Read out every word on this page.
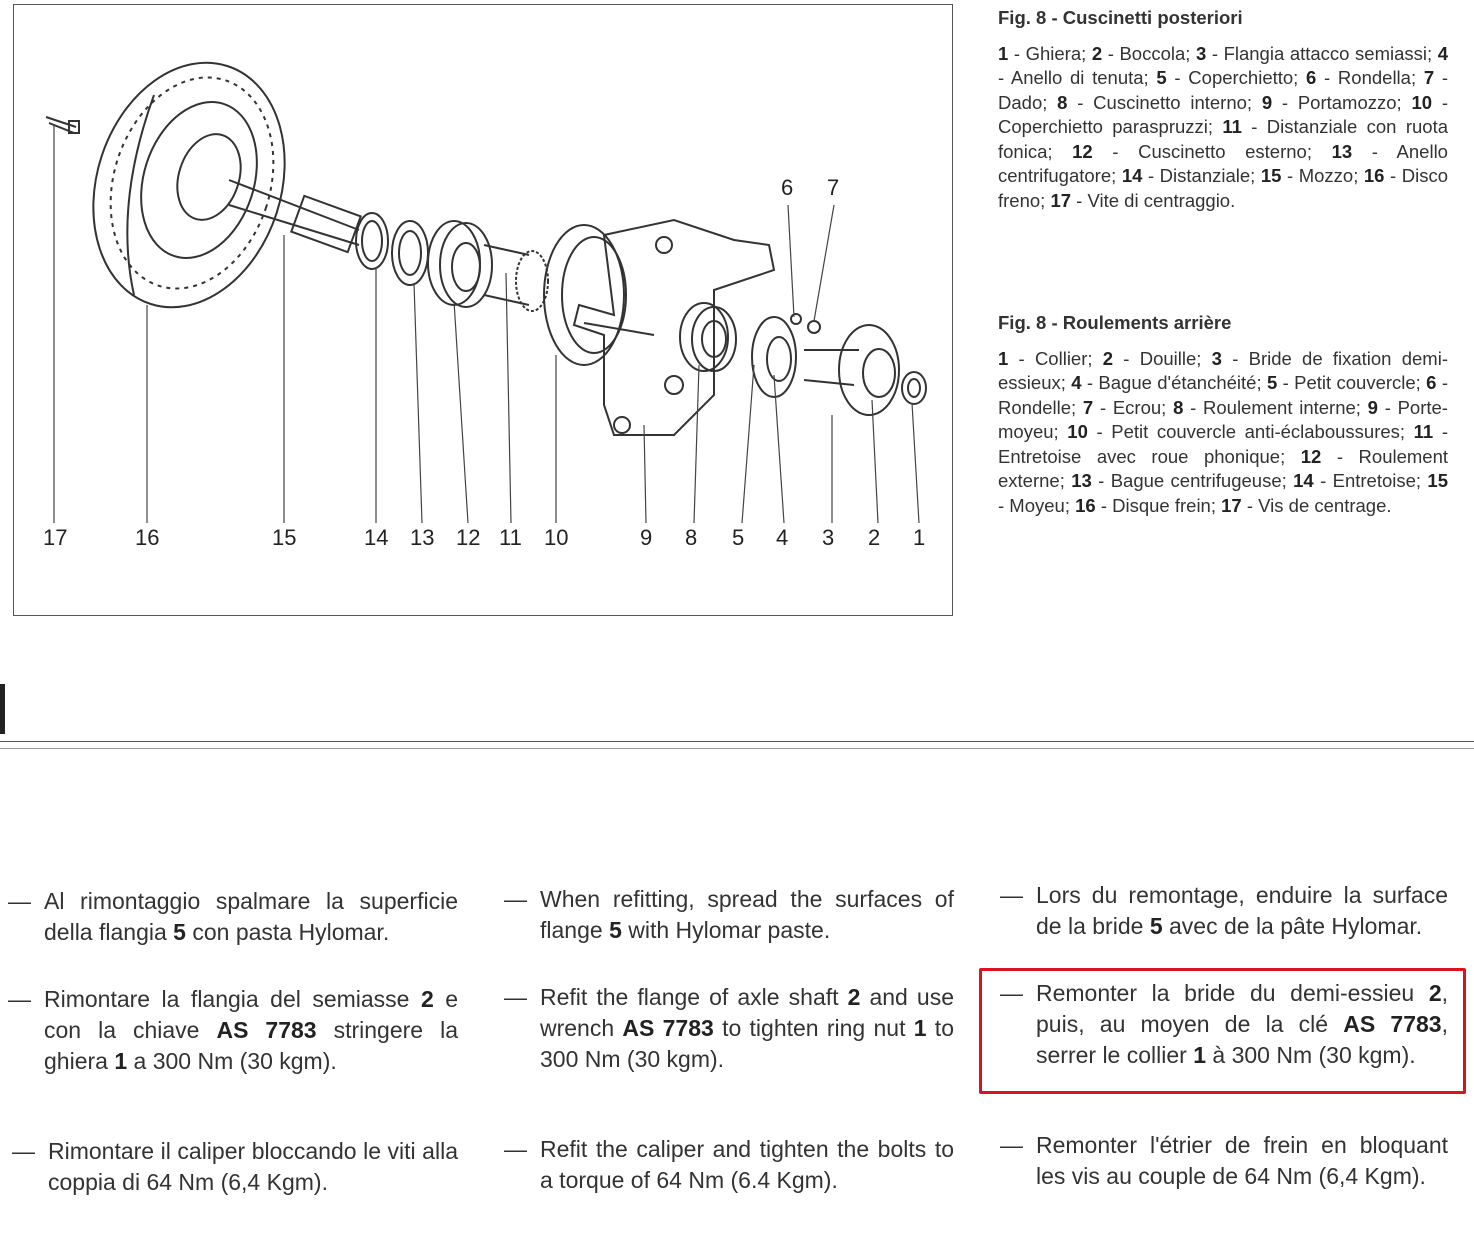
17	16	15	14 13 12 11 10	9 8 5 4 3 2 1
6 7
Fig. 8 - Cuscinetti posteriori

1 - Ghiera; 2 - Boccola; 3 - Flangia attacco semiassi; 4 - Anello di tenuta; 5 - Coperchietto; 6 - Rondella; 7 - Dado; 8 - Cuscinetto interno; 9 - Portamozzo; 10 - Coperchietto paraspruzzi; 11 - Distanziale con ruota fonica; 12 - Cuscinetto esterno; 13 - Anello centrifugatore; 14 - Distanziale; 15 - Mozzo; 16 - Disco freno; 17 - Vite di centraggio.

Fig. 8 - Roulements arrière

1 - Collier; 2 - Douille; 3 - Bride de fixation demi-essieux; 4 - Bague d'étanchéité; 5 - Petit couvercle; 6 - Rondelle; 7 - Ecrou; 8 - Roulement interne; 9 - Porte-moyeu; 10 - Petit couvercle anti-éclaboussures; 11 - Entretoise avec roue phonique; 12 - Roulement externe; 13 - Bague centrifugeuse; 14 - Entretoise; 15 - Moyeu; 16 - Disque frein; 17 - Vis de centrage.

— Al rimontaggio spalmare la superficie della flangia 5 con pasta Hylomar.
— Rimontare la flangia del semiasse 2 e con la chiave AS 7783 stringere la ghiera 1 a 300 Nm (30 kgm).
— Rimontare il caliper bloccando le viti alla coppia di 64 Nm (6,4 Kgm).
— When refitting, spread the surfaces of flange 5 with Hylomar paste.
— Refit the flange of axle shaft 2 and use wrench AS 7783 to tighten ring nut 1 to 300 Nm (30 kgm).
— Refit the caliper and tighten the bolts to a torque of 64 Nm (6.4 Kgm).
— Lors du remontage, enduire la surface de la bride 5 avec de la pâte Hylomar.
— Remonter la bride du demi-essieu 2, puis, au moyen de la clé AS 7783, serrer le collier 1 à 300 Nm (30 kgm).
— Remonter l'étrier de frein en bloquant les vis au couple de 64 Nm (6,4 Kgm).
